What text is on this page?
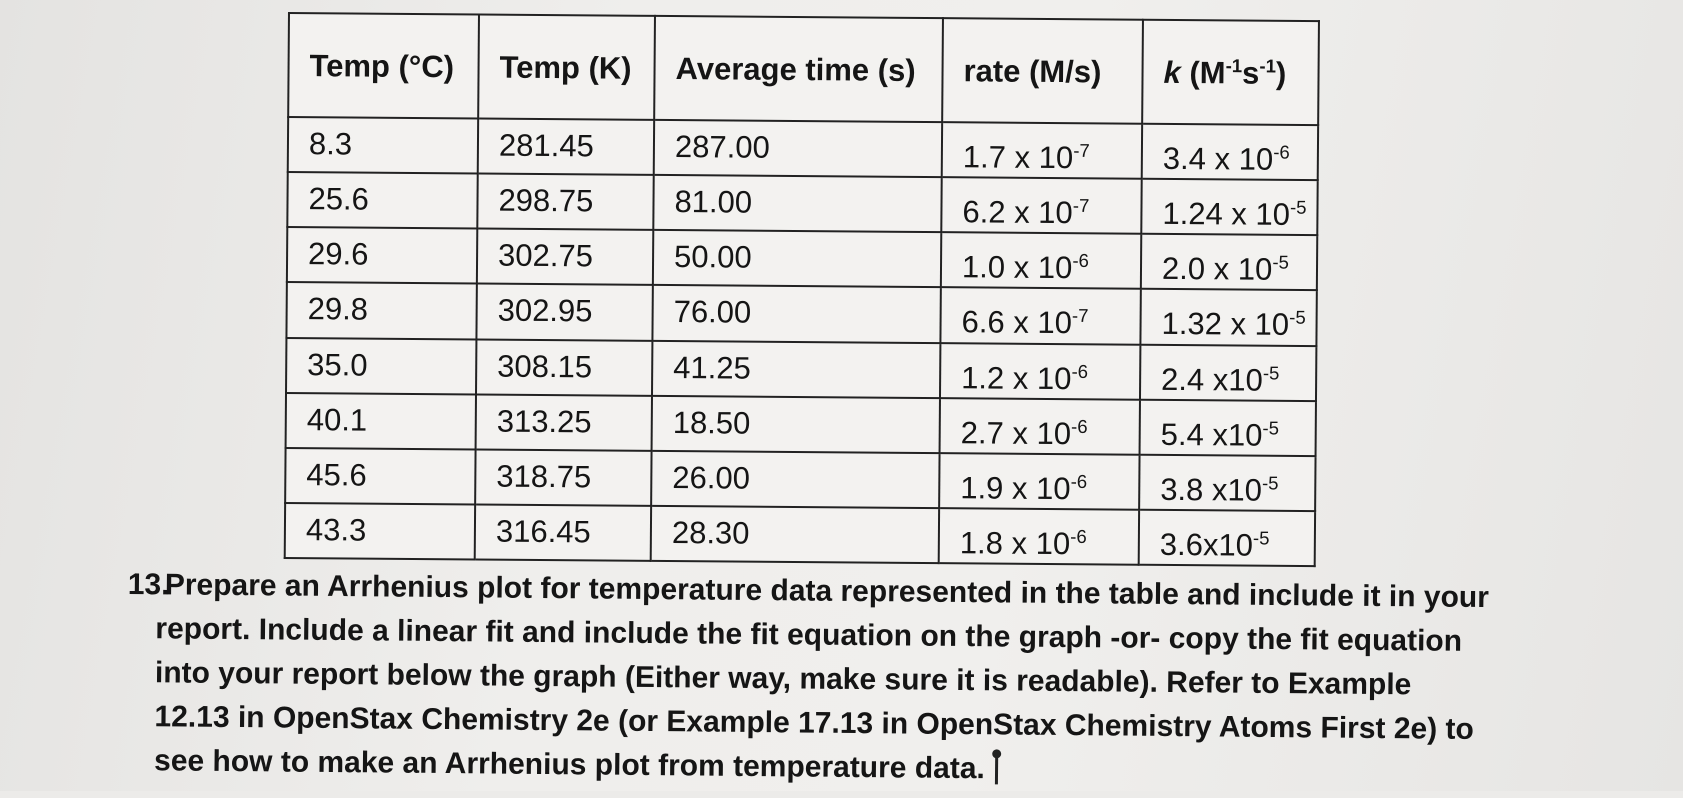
Temp (°C)	Temp (K)	Average time (s)	rate (M/s)	k $(M^{-1}s^{-1})$
8.3	281.45	287.00	1.7 x $10^{-7}$	3.4 x $10^{-6}$
25.6	298.75	81.00	6.2 x $10^{-7}$	1.24 x $10^{-5}$
29.6	302.75	50.00	1.0 x $10^{-6}$	2.0 x $10^{-5}$
29.8	302.95	76.00	6.6 x $10^{-7}$	1.32 x $10^{-5}$
35.0	308.15	41.25	1.2 x $10^{-6}$	2.4 $x10^{-5}$
40.1	313.25	18.50	2.7 x $10^{-6}$	5.4 $x10^{-5}$
45.6	318.75	26.00	1.9 x $10^{-6}$	3.8 $x10^{-5}$
43.3	316.45	28.30	1.8 x $10^{-6}$	$3.6x10^{-5}$
13.
Prepare an Arrhenius plot for temperature data represented in the table and include it in your
report. Include a linear fit and include the fit equation on the graph -or- copy the fit equation
into your report below the graph (Either way, make sure it is readable). Refer to Example
12.13 in OpenStax Chemistry 2e (or Example 17.13 in OpenStax Chemistry Atoms First 2e) to
see how to make an Arrhenius plot from temperature data.
